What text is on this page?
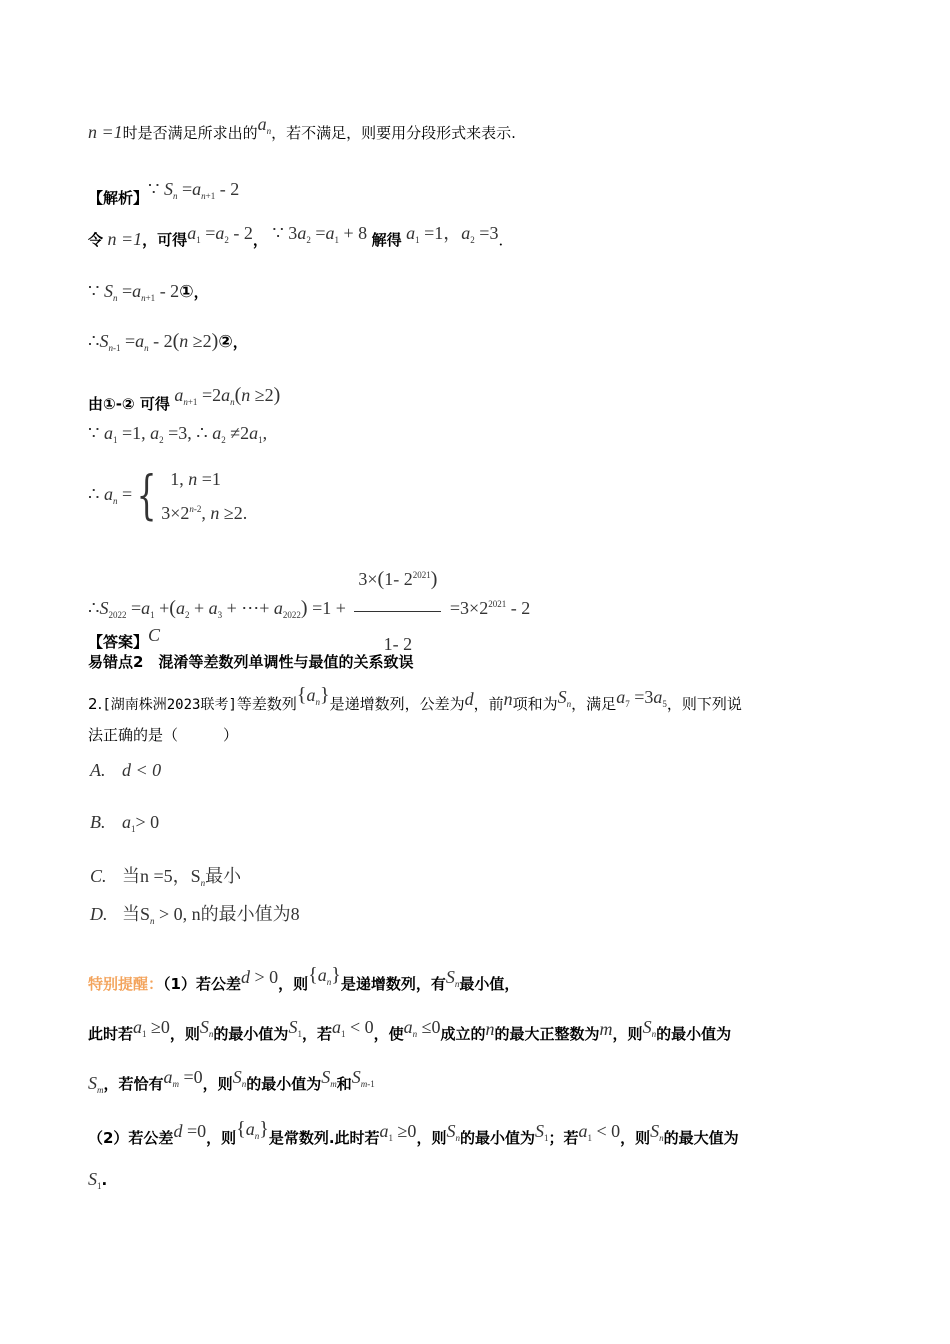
n =1时是否满足所求出的$a_n$，若不满足，则要用分段形式来表示.
【解析】∵ $S_n =a_{n+1} - 2$
令 n =1，可得$a_1 =a_2 - 2$， ∵ $3a_2 =a_1 + 8$ 解得 $a_1 =1$，$a_2 =3$．
∵ $S_n =a_{n+1}$ - 2①，
$\therefore S_{n-1} =a_n - 2(n$ ≥2)②，
由①-② 可得 $a_{n+1} =2a_n(n \ge 2)$
∵ $a_1 =1$, $a_2 =3$, ∴ $a_2 \ne 2a_1$,
∴ $a_n$ ={ 1, n =1
$3\times 2^{n-2}$, n ≥2.
$\therefore S_{2022} =a_1 +(a_2 + a_3$ + ⋯+ $a_{2022}) =1 + \frac{3\times(1- 2^{2021})}{1- 2} =3\times 2^{2021} - 2$
【答案】C
易错点2　混淆等差数列单调性与最值的关系致误
2.[湖南株洲2023联考]等差数列$\{a_n\}$是递增数列，公差为d，前n项和为$S_n$，满足$a_7 =3a_5$，则下列说
法正确的是（　　　）
A. d < 0
B. $a_1> 0$
C. 当n =5，$S_n$最小
D. 当$S_n > 0$, n的最小值为8
特别提醒：（1）若公差d > 0，则$\{a_n\}$是递增数列，有$S_n$最小值，
此时若$a_1 \ge 0$，则$S_n$的最小值为$S_1$，若$a_1 < 0$，使$a_n \le 0$成立的n的最大正整数为m，则$S_n$的最小值为
$S_m$，若恰有$a_m =0$，则$S_n$的最小值为$S_m$和$S_{m-1}$
（2）若公差d =0，则$\{a_n\}$是常数列.此时若$a_1 \ge 0$，则$S_n$的最小值为$S_1$；若$a_1 < 0$，则$S_n$的最大值为
$S_1$.
